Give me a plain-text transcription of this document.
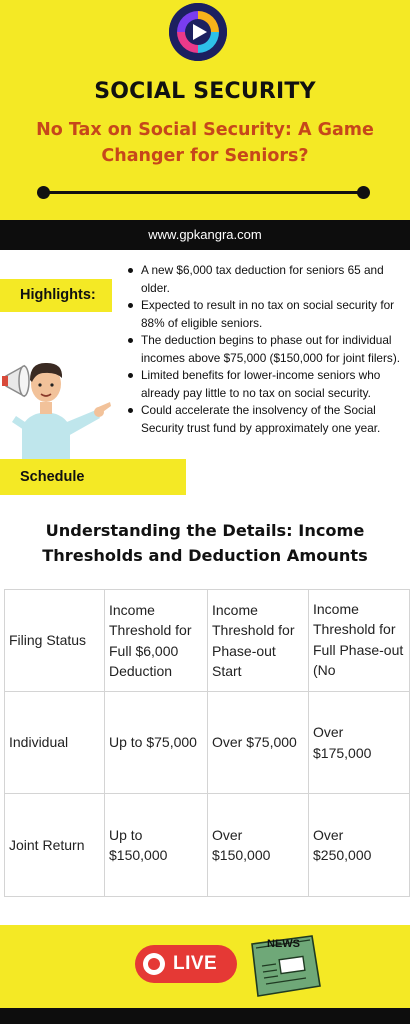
SOCIAL SECURITY
No Tax on Social Security: A Game Changer for Seniors?
www.gpkangra.com
Highlights:
A new $6,000 tax deduction for seniors 65 and older.
Expected to result in no tax on social security for 88% of eligible seniors.
The deduction begins to phase out for individual incomes above $75,000 ($150,000 for joint filers).
Limited benefits for lower-income seniors who already pay little to no tax on social security.
Could accelerate the insolvency of the Social Security trust fund by approximately one year.
Schedule
Understanding the Details: Income Thresholds and Deduction Amounts
Filing Status	Income Threshold for Full $6,000 Deduction	Income Threshold for Phase-out Start	Income Threshold for Full Phase-out (No

Individual	Up to $75,000	Over $75,000	Over $175,000
Joint Return	Up to $150,000	Over $150,000	Over $250,000
LIVE
NEWS
